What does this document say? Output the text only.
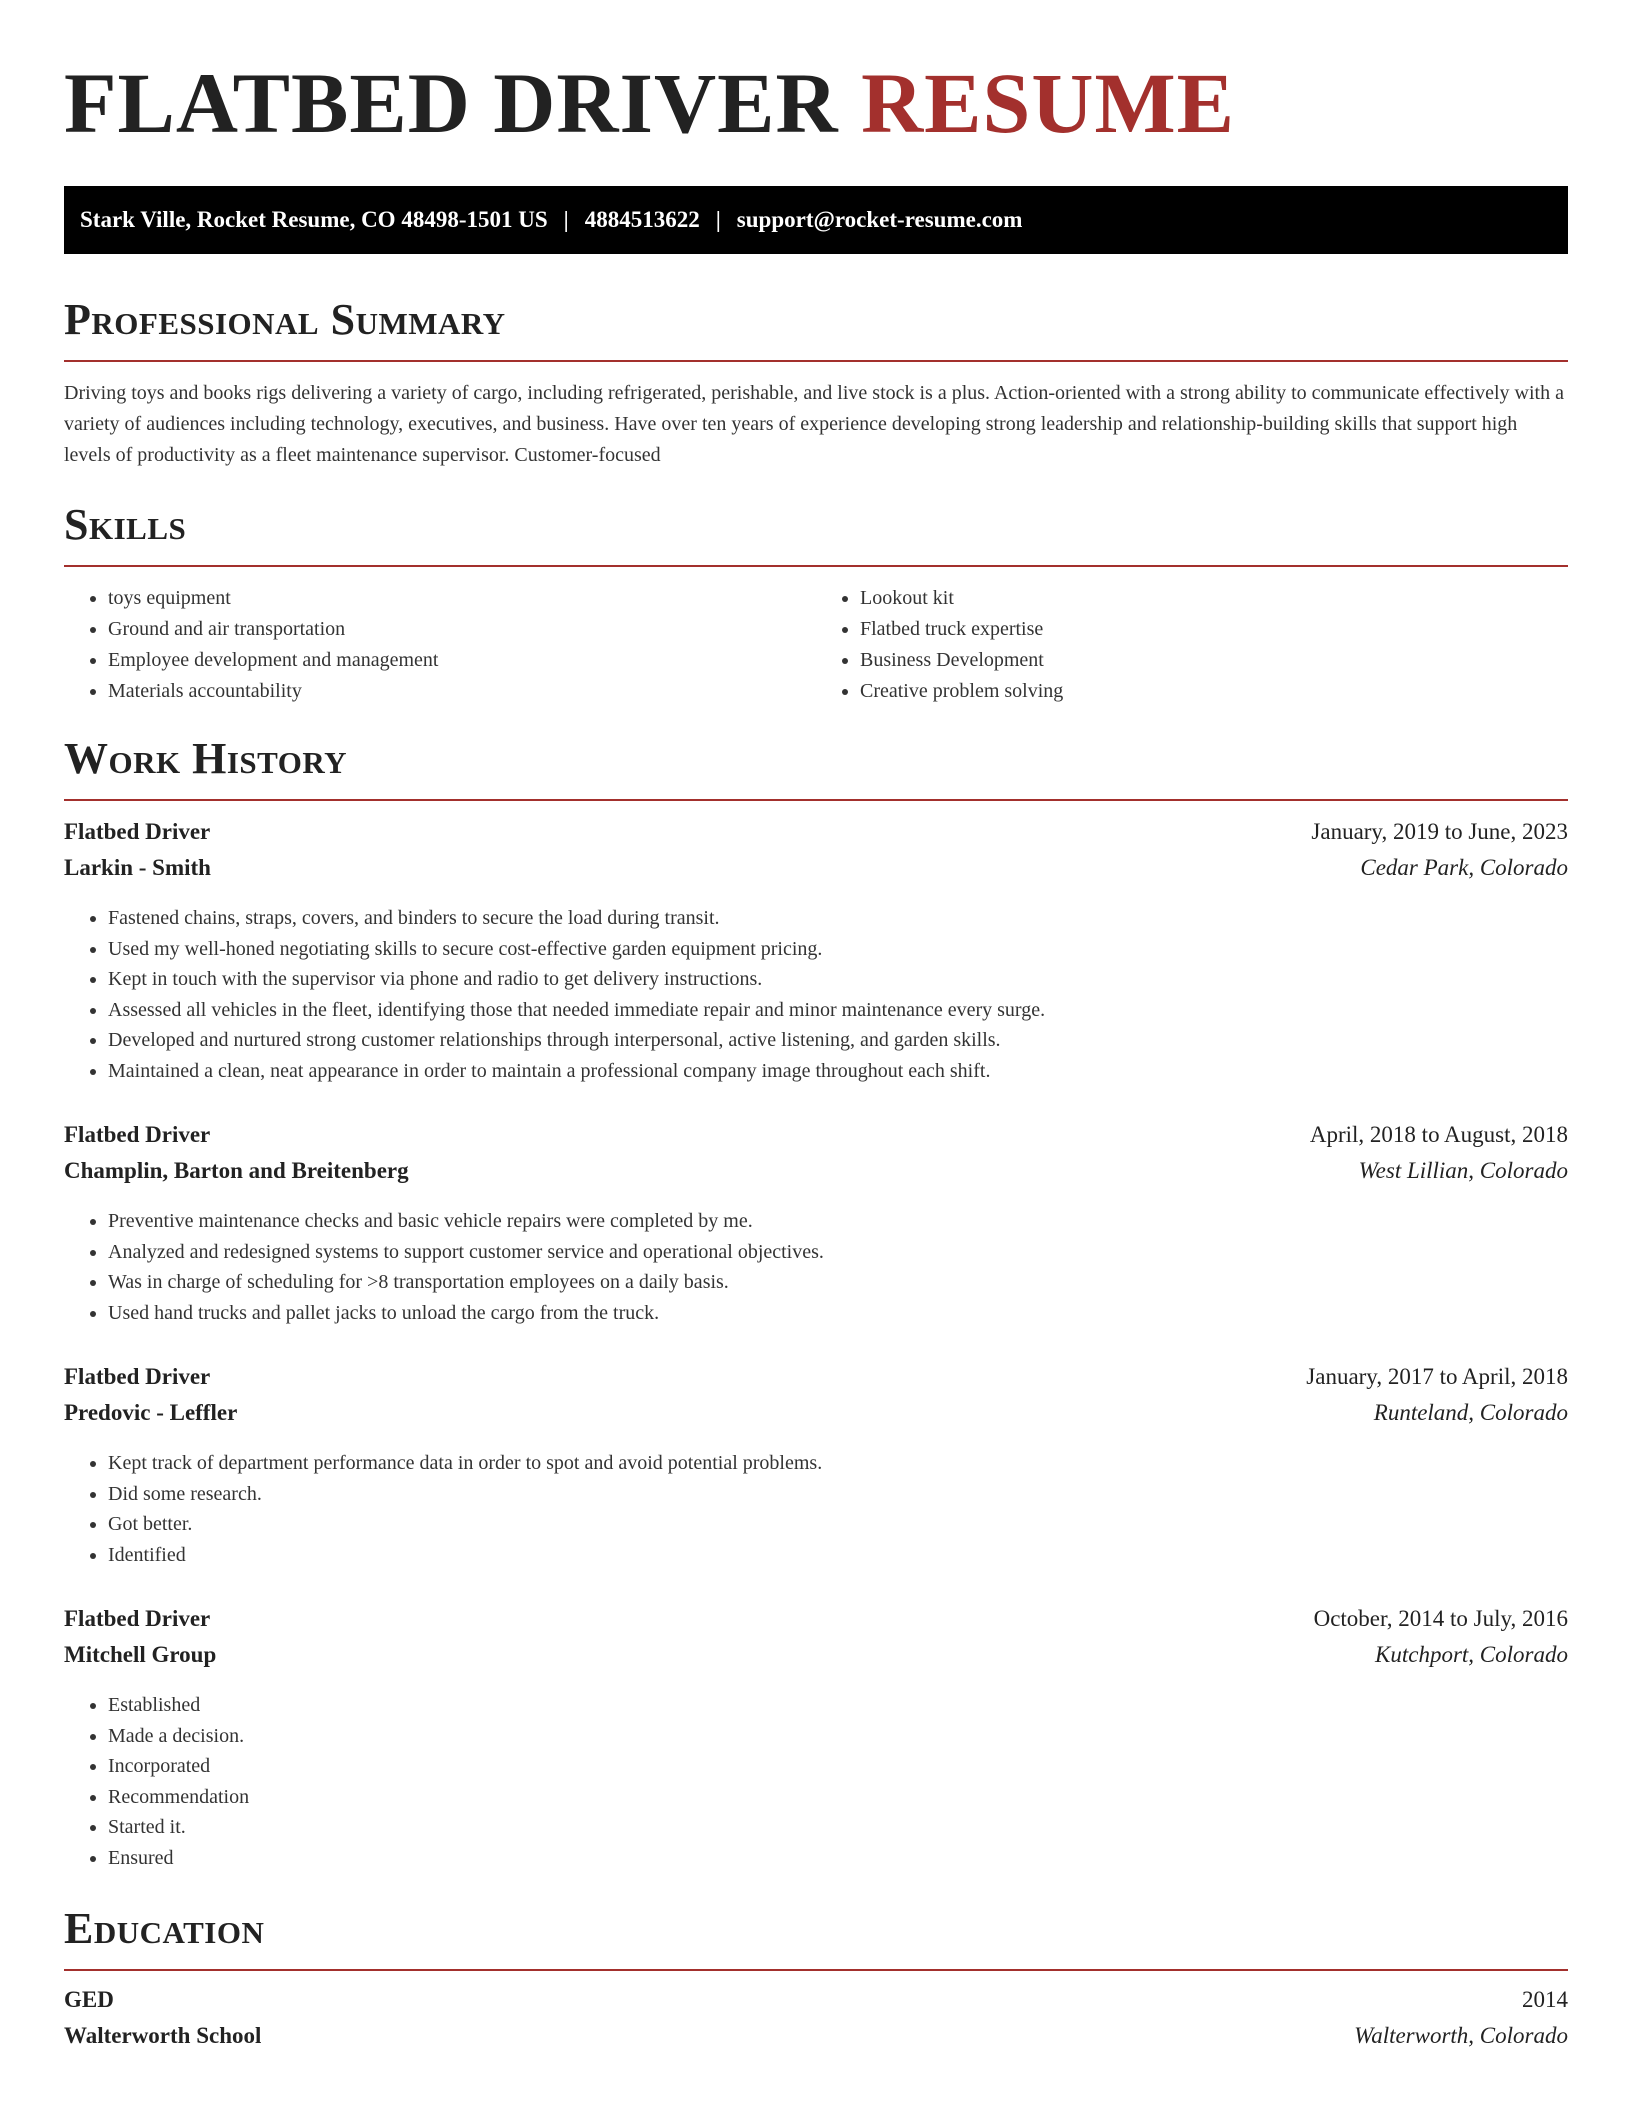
FLATBED DRIVER RESUME
Stark Ville, Rocket Resume, CO 48498-1501 US | 4884513622 | support@rocket-resume.com
Professional Summary

Driving toys and books rigs delivering a variety of cargo, including refrigerated, perishable, and live stock is a plus. Action-oriented with a strong ability to communicate effectively with a variety of audiences including technology, executives, and business. Have over ten years of experience developing strong leadership and relationship-building skills that support high levels of productivity as a fleet maintenance supervisor. Customer-focused

Skills
• toys equipment
• Ground and air transportation
• Employee development and management
• Materials accountability
• Lookout kit
• Flatbed truck expertise
• Business Development
• Creative problem solving
Work History
Flatbed Driver	January, 2019 to June, 2023
Larkin - Smith	Cedar Park, Colorado
• Fastened chains, straps, covers, and binders to secure the load during transit.
• Used my well-honed negotiating skills to secure cost-effective garden equipment pricing.
• Kept in touch with the supervisor via phone and radio to get delivery instructions.
• Assessed all vehicles in the fleet, identifying those that needed immediate repair and minor maintenance every surge.
• Developed and nurtured strong customer relationships through interpersonal, active listening, and garden skills.
• Maintained a clean, neat appearance in order to maintain a professional company image throughout each shift.
Flatbed Driver	April, 2018 to August, 2018
Champlin, Barton and Breitenberg	West Lillian, Colorado
• Preventive maintenance checks and basic vehicle repairs were completed by me.
• Analyzed and redesigned systems to support customer service and operational objectives.
• Was in charge of scheduling for >8 transportation employees on a daily basis.
• Used hand trucks and pallet jacks to unload the cargo from the truck.
Flatbed Driver	January, 2017 to April, 2018
Predovic - Leffler	Runteland, Colorado
• Kept track of department performance data in order to spot and avoid potential problems.
• Did some research.
• Got better.
• Identified
Flatbed Driver	October, 2014 to July, 2016
Mitchell Group	Kutchport, Colorado
• Established
• Made a decision.
• Incorporated
• Recommendation
• Started it.
• Ensured
Education
GED	2014
Walterworth School	Walterworth, Colorado
